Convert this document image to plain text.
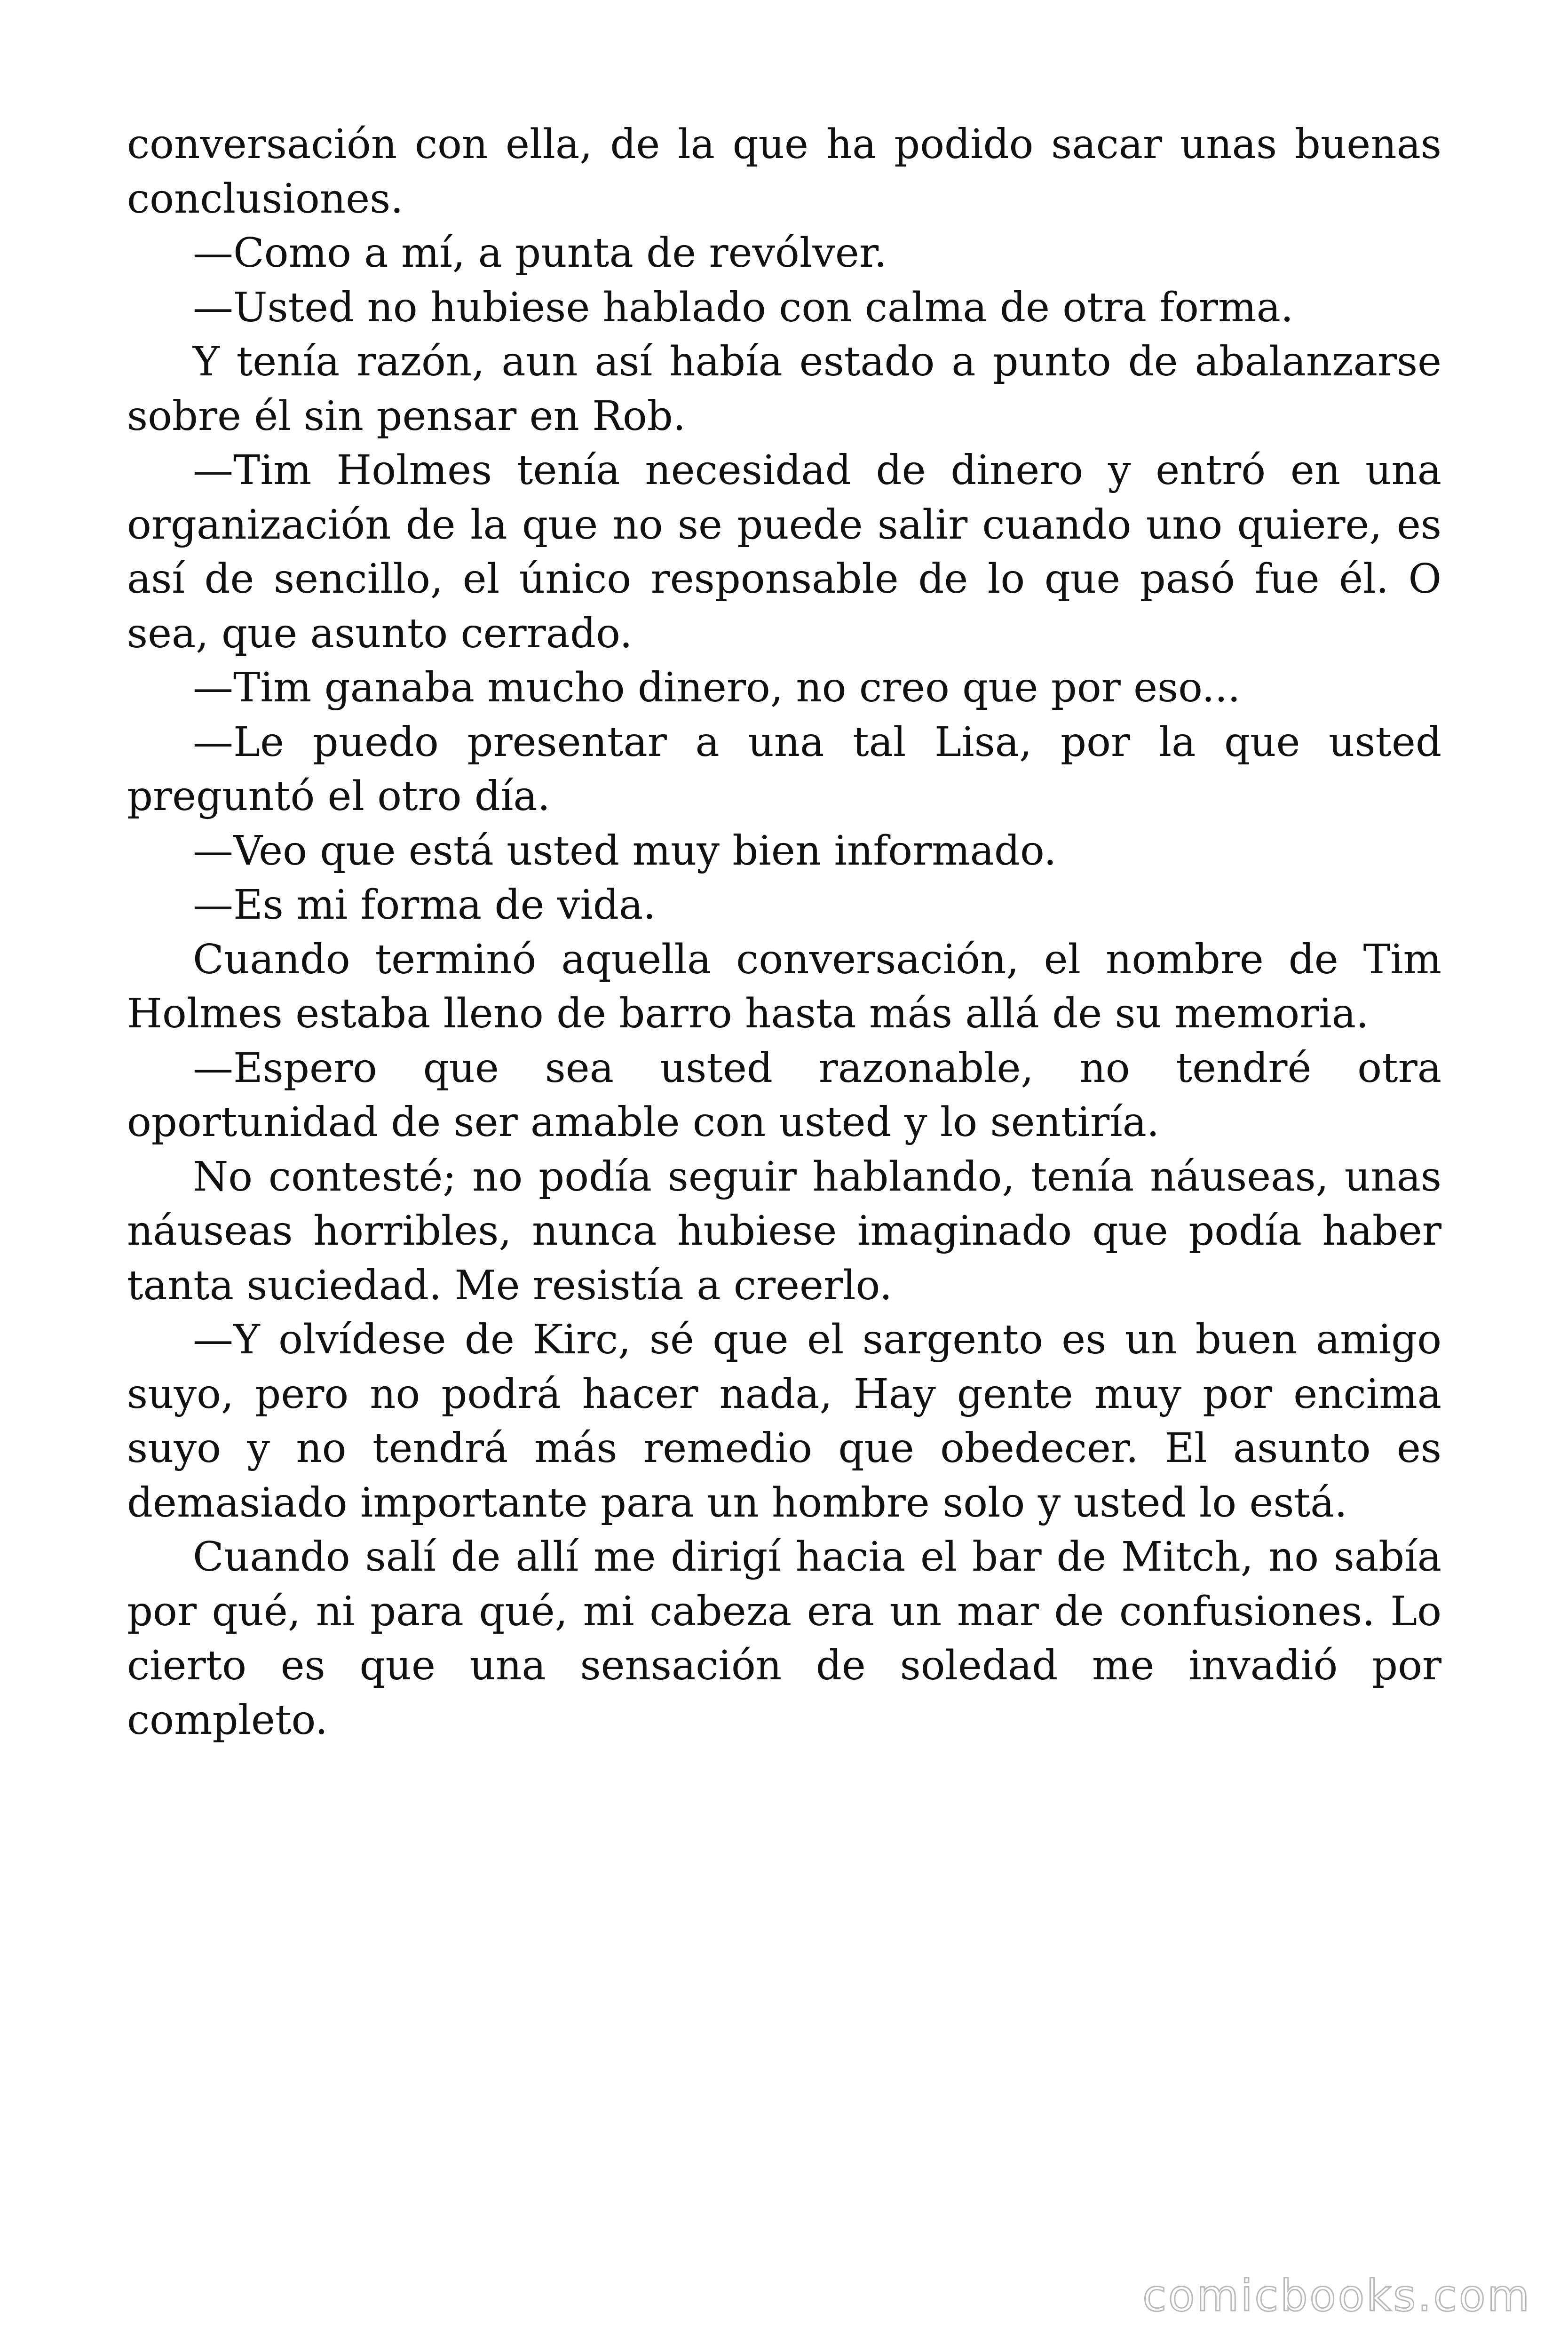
conversación con ella, de la que ha podido sacar unas buenas conclusiones.

—Como a mí, a punta de revólver.

—Usted no hubiese hablado con calma de otra forma.

Y tenía razón, aun así había estado a punto de abalanzarse sobre él sin pensar en Rob.

—Tim Holmes tenía necesidad de dinero y entró en una organización de la que no se puede salir cuando uno quiere, es así de sencillo, el único responsable de lo que pasó fue él. O sea, que asunto cerrado.

—Tim ganaba mucho dinero, no creo que por eso...

—Le puedo presentar a una tal Lisa, por la que usted preguntó el otro día.

—Veo que está usted muy bien informado.

—Es mi forma de vida.

Cuando terminó aquella conversación, el nombre de Tim Holmes estaba lleno de barro hasta más allá de su memoria.

—Espero que sea usted razonable, no tendré otra oportunidad de ser amable con usted y lo sentiría.

No contesté; no podía seguir hablando, tenía náuseas, unas náuseas horribles, nunca hubiese imaginado que podía haber tanta suciedad. Me resistía a creerlo.

—Y olvídese de Kirc, sé que el sargento es un buen amigo suyo, pero no podrá hacer nada, Hay gente muy por encima suyo y no tendrá más remedio que obedecer. El asunto es demasiado importante para un hombre solo y usted lo está.

Cuando salí de allí me dirigí hacia el bar de Mitch, no sabía por qué, ni para qué, mi cabeza era un mar de confusiones. Lo cierto es que una sensación de soledad me invadió por completo.

comicbooks.com
